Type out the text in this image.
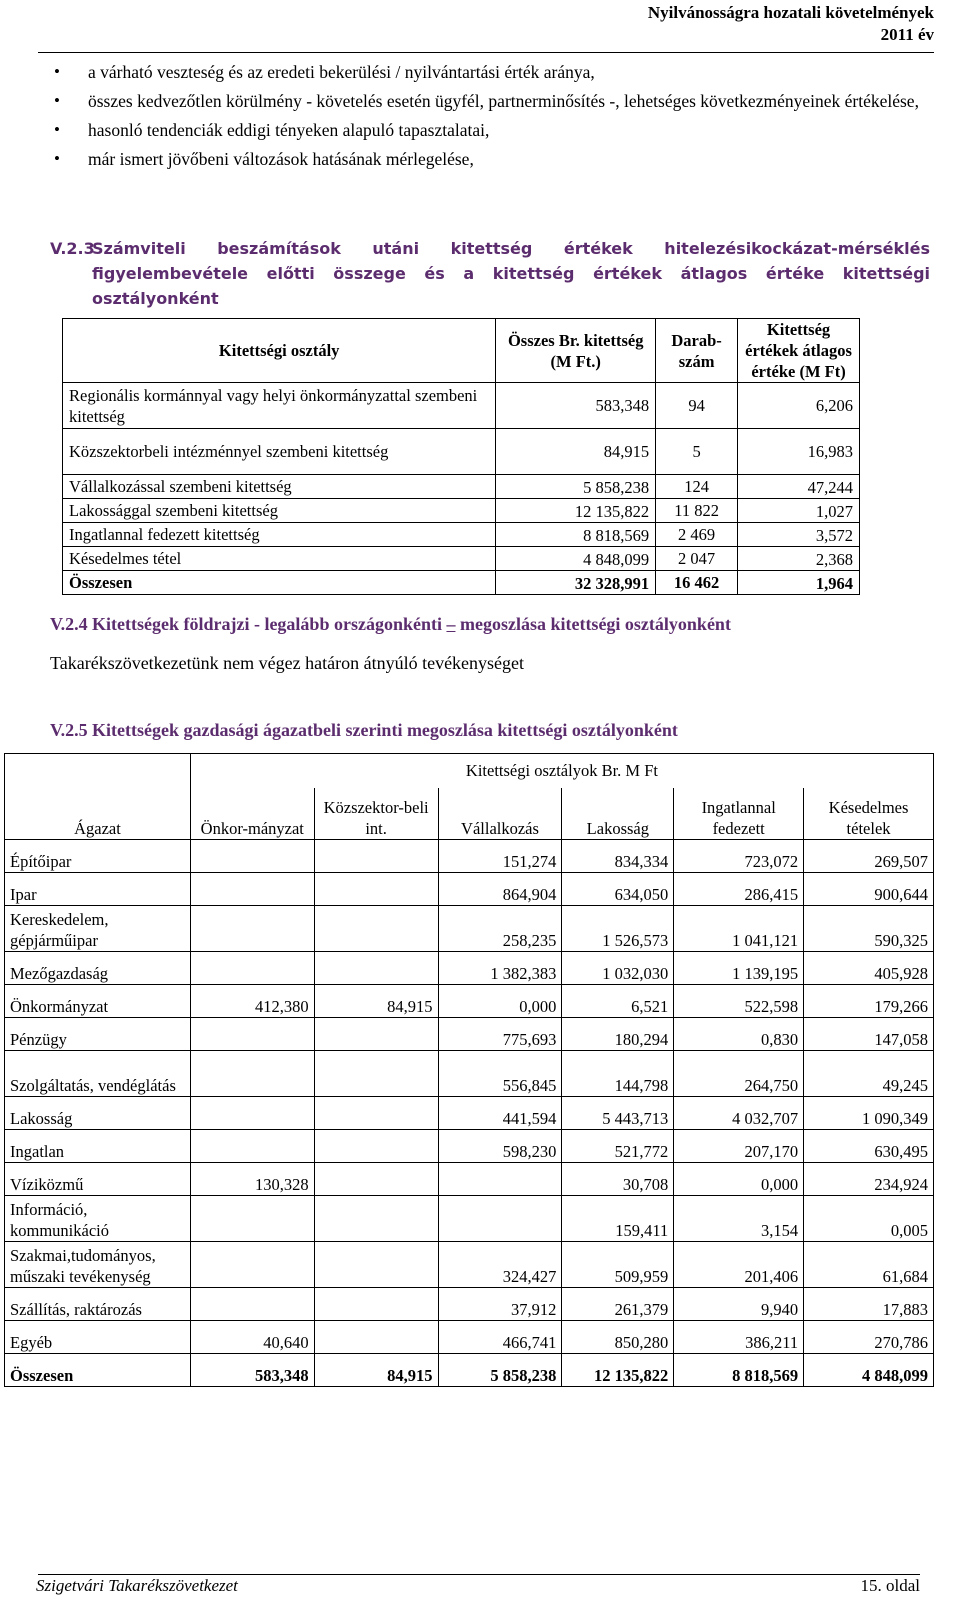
Nyilvánosságra hozatali követelmények
2011 év
• a várható veszteség és az eredeti bekerülési / nyilvántartási érték aránya,
• összes kedvezőtlen körülmény - követelés esetén ügyfél, partnerminősítés -, lehetséges következményeinek értékelése,
• hasonló tendenciák eddigi tényeken alapuló tapasztalatai,
• már ismert jövőbeni változások hatásának mérlegelése,
V.2.3
Számviteli beszámítások utáni kitettség értékek hitelezésikockázat-mérséklés figyelembevétele előtti összege és a kitettség értékek átlagos értéke kitettségi osztályonként
Kitettségi osztály	Összes Br. kitettség (M Ft.)	Darab-szám	Kitettség értékek átlagos értéke (M Ft)
Regionális kormánnyal vagy helyi önkormányzattal szembeni kitettség	583,348	94	6,206
Közszektorbeli intézménnyel szembeni kitettség	84,915	5	16,983
Vállalkozással szembeni kitettség	5 858,238	124	47,244
Lakossággal szembeni kitettség	12 135,822	11 822	1,027
Ingatlannal fedezett kitettség	8 818,569	2 469	3,572
Késedelmes tétel	4 848,099	2 047	2,368
Összesen	32 328,991	16 462	1,964
V.2.4 Kitettségek földrajzi - legalább országonkénti – megoszlása kitettségi osztályonként
Takarékszövetkezetünk nem végez határon átnyúló tevékenységet
V.2.5 Kitettségek gazdasági ágazatbeli szerinti megoszlása kitettségi osztályonként
Ágazat	Kitettségi osztályok Br. M Ft					
	Önkor-mányzat	Közszektor-beli int.	Vállalkozás	Lakosság	Ingatlannal fedezett	Késedelmes tételek
Építőipar			151,274	834,334	723,072	269,507
Ipar			864,904	634,050	286,415	900,644
Kereskedelem, gépjárműipar			258,235	1 526,573	1 041,121	590,325
Mezőgazdaság			1 382,383	1 032,030	1 139,195	405,928
Önkormányzat	412,380	84,915	0,000	6,521	522,598	179,266
Pénzügy			775,693	180,294	0,830	147,058
Szolgáltatás, vendéglátás			556,845	144,798	264,750	49,245
Lakosság			441,594	5 443,713	4 032,707	1 090,349
Ingatlan			598,230	521,772	207,170	630,495
Víziközmű	130,328			30,708	0,000	234,924
Információ, kommunikáció				159,411	3,154	0,005
Szakmai,tudományos, műszaki tevékenység			324,427	509,959	201,406	61,684
Szállítás, raktározás			37,912	261,379	9,940	17,883
Egyéb	40,640		466,741	850,280	386,211	270,786
Összesen	583,348	84,915	5 858,238	12 135,822	8 818,569	4 848,099
Szigetvári Takarékszövetkezet	15. oldal
